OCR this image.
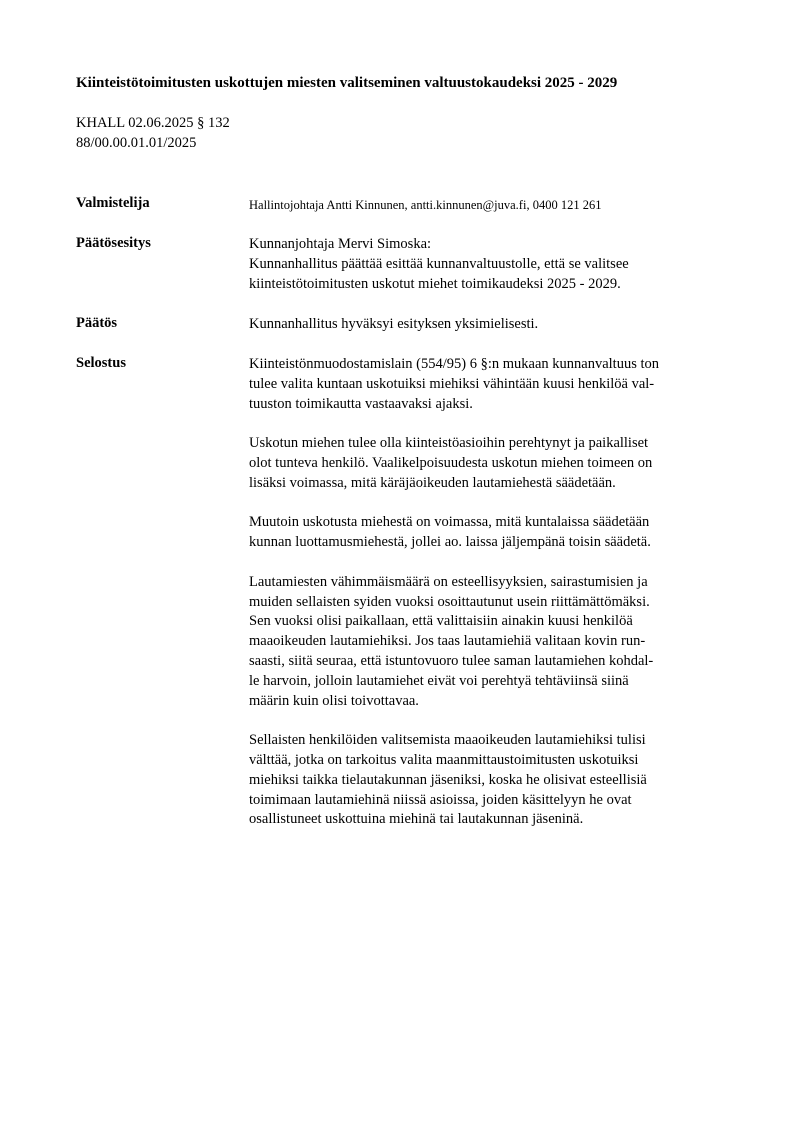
Kiinteistötoimitusten uskottujen miesten valitseminen valtuustokaudeksi 2025 - 2029
KHALL 02.06.2025 § 132
88/00.00.01.01/2025
Valmistelija	Hallintojohtaja Antti Kinnunen, antti.kinnunen@juva.fi, 0400 121 261
Päätösesitys	Kunnanjohtaja Mervi Simoska:
Kunnanhallitus päättää esittää kunnanvaltuustolle, että se valitsee
kiinteistötoimitusten uskotut miehet toimikaudeksi 2025 - 2029.
Päätös	Kunnanhallitus hyväksyi esityksen yksimielisesti.
Selostus	Kiinteistönmuodostamislain (554/95) 6 §:n mukaan kunnanvaltuus ton
tulee valita kuntaan uskotuiksi miehiksi vähintään kuusi henkilöä val-
tuuston toimikautta vastaavaksi ajaksi.
Uskotun miehen tulee olla kiinteistöasioihin perehtynyt ja paikalliset
olot tunteva henkilö. Vaalikelpoisuudesta uskotun miehen toimeen on
lisäksi voimassa, mitä käräjäoikeuden lautamiehestä säädetään.
Muutoin uskotusta miehestä on voimassa, mitä kuntalaissa säädetään
kunnan luottamusmiehestä, jollei ao. laissa jäljempänä toisin säädetä.
Lautamiesten vähimmäismäärä on esteellisyyksien, sairastumisien ja
muiden sellaisten syiden vuoksi osoittautunut usein riittämättömäksi.
Sen vuoksi olisi paikallaan, että valittaisiin ainakin kuusi henkilöä
maaoikeuden lautamiehiksi. Jos taas lautamiehiä valitaan kovin run-
saasti, siitä seuraa, että istuntovuoro tulee saman lautamiehen kohdal-
le harvoin, jolloin lautamiehet eivät voi perehtyä tehtäviinsä siinä
määrin kuin olisi toivottavaa.
Sellaisten henkilöiden valitsemista maaoikeuden lautamiehiksi tulisi
välttää, jotka on tarkoitus valita maanmittaustoimitusten uskotuiksi
miehiksi taikka tielautakunnan jäseniksi, koska he olisivat esteellisiä
toimimaan lautamiehinä niissä asioissa, joiden käsittelyyn he ovat
osallistuneet uskottuina miehinä tai lautakunnan jäseninä.
